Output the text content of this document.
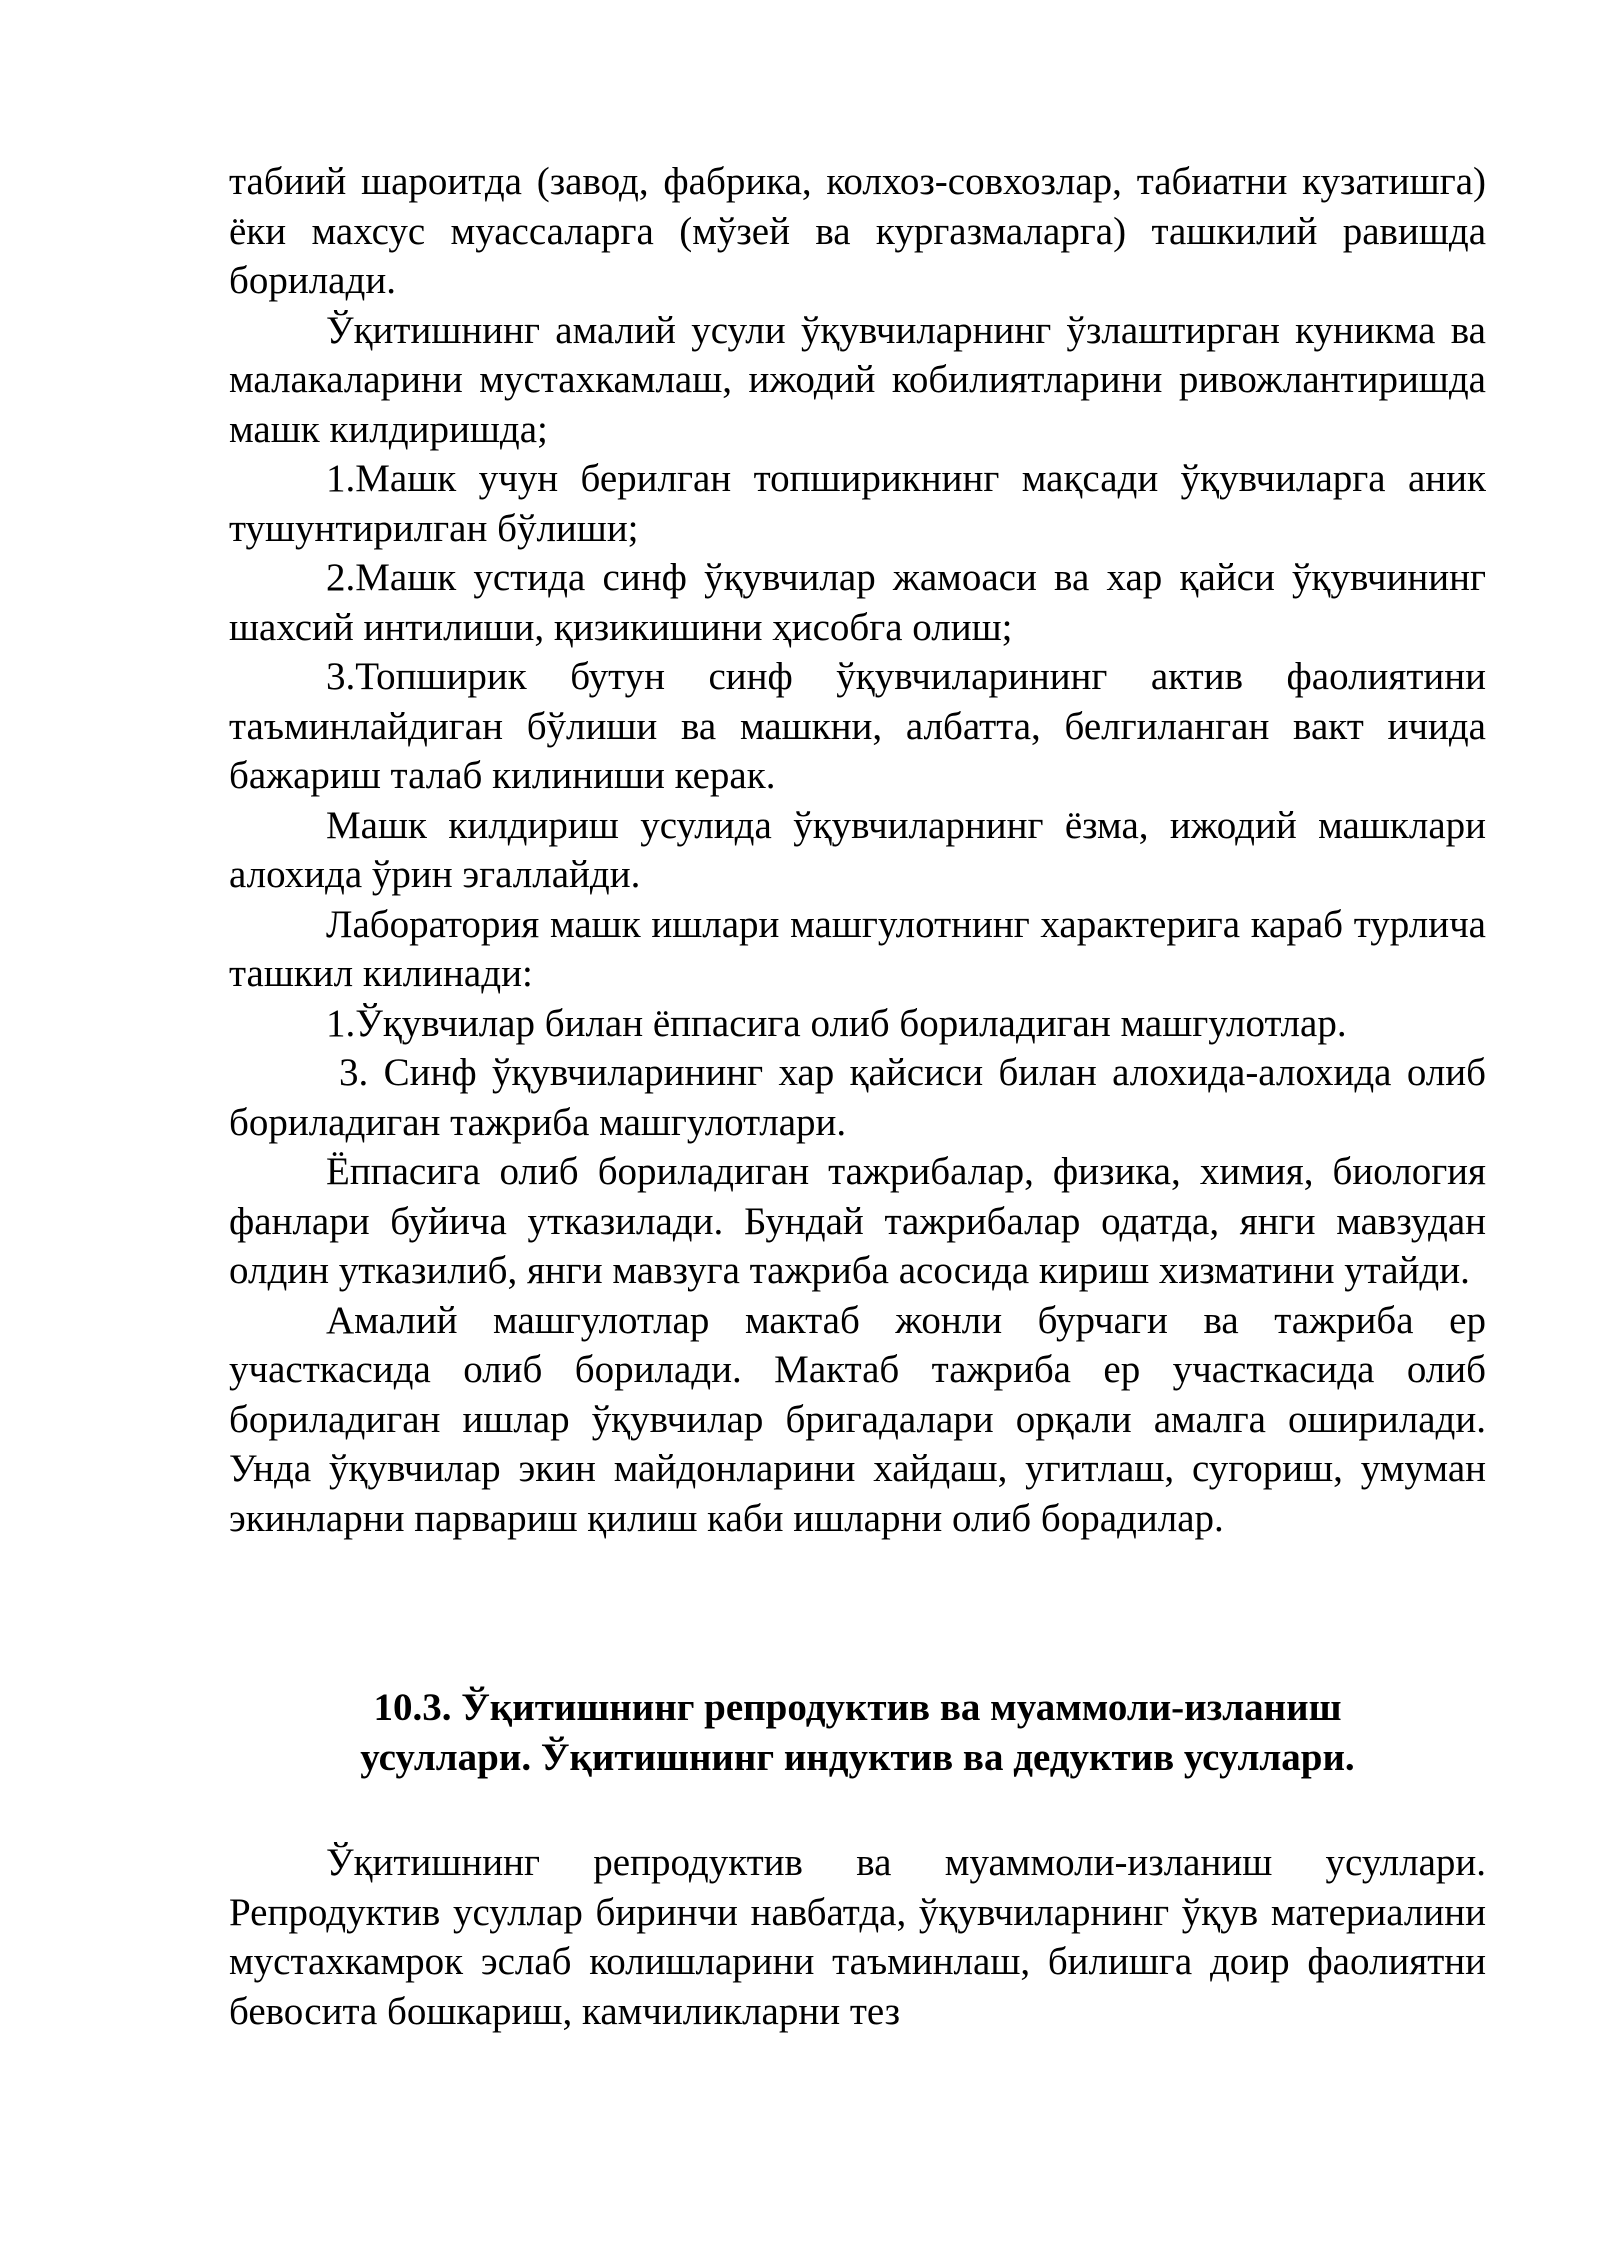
табиий шароитда (завод, фабрика, колхоз-совхозлар, табиатни кузатишга) ёки махсус муассаларга (мўзей ва кургазмаларга) ташкилий равишда борилади.

Ўқитишнинг амалий усули ўқувчиларнинг ўзлаштирган куникма ва малакаларини мустахкамлаш, ижодий кобилиятларини ривожлантиришда машк килдиришда;

1.Машк учун берилган топширикнинг мақсади ўқувчиларга аник тушунтирилган бўлиши;

2.Машк устида синф ўқувчилар жамоаси ва хар қайси ўқувчининг шахсий интилиши, қизикишини ҳисобга олиш;

3.Топширик бутун синф ўқувчиларининг актив фаолиятини таъминлайдиган бўлиши ва машкни, албатта, белгиланган вакт ичида бажариш талаб килиниши керак.

Машк килдириш усулида ўқувчиларнинг ёзма, ижодий машклари алохида ўрин эгаллайди.

Лаборатория машк ишлари машгулотнинг характерига караб турлича ташкил килинади:

1.Ўқувчилар билан ёппасига олиб бориладиган машгулотлар.

3. Синф ўқувчиларининг хар қайсиси билан алохида-алохида олиб бориладиган тажриба машгулотлари.

Ёппасига олиб бориладиган тажрибалар, физика, химия, биология фанлари буйича утказилади. Бундай тажрибалар одатда, янги мавзудан олдин утказилиб, янги мавзуга тажриба асосида кириш хизматини утайди.

Амалий машгулотлар мактаб жонли бурчаги ва тажриба ер участкасида олиб борилади. Мактаб тажриба ер участкасида олиб бориладиган ишлар ўқувчилар бригадалари орқали амалга оширилади. Унда ўқувчилар экин майдонларини хайдаш, угитлаш, сугориш, умуман экинларни парвариш қилиш каби ишларни олиб борадилар.

10.3. Ўқитишнинг репродуктив ва муаммоли-изланиш
усуллари. Ўқитишнинг индуктив ва дедуктив усуллари.

Ўқитишнинг репродуктив ва муаммоли-изланиш усуллари. Репродуктив усуллар биринчи навбатда, ўқувчиларнинг ўқув материалини мустахкамрок эслаб колишларини таъминлаш, билишга доир фаолиятни бевосита бошкариш, камчиликларни тез
